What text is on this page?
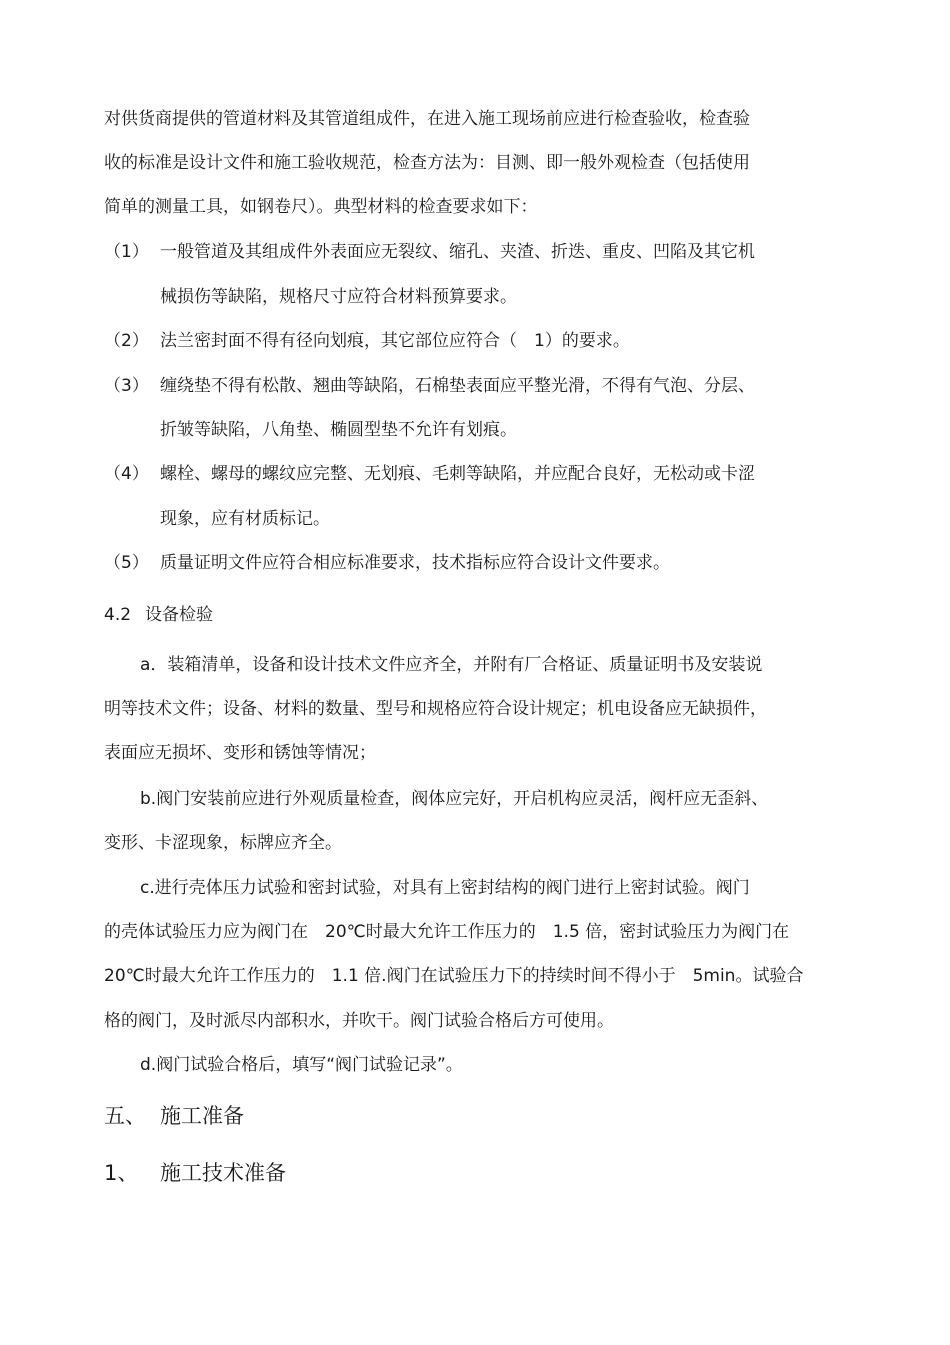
对供货商提供的管道材料及其管道组成件，在进入施工现场前应进行检查验收，检查验
收的标准是设计文件和施工验收规范，检查方法为：目测、即一般外观检查（包括使用
简单的测量工具，如钢卷尺）。典型材料的检查要求如下：
（1） 一般管道及其组成件外表面应无裂纹、缩孔、夹渣、折迭、重皮、凹陷及其它机
械损伤等缺陷，规格尺寸应符合材料预算要求。
（2） 法兰密封面不得有径向划痕，其它部位应符合（　1）的要求。
（3） 缠绕垫不得有松散、翘曲等缺陷，石棉垫表面应平整光滑，不得有气泡、分层、
折皱等缺陷，八角垫、椭圆型垫不允许有划痕。
（4） 螺栓、螺母的螺纹应完整、无划痕、毛刺等缺陷，并应配合良好，无松动或卡涩
现象，应有材质标记。
（5） 质量证明文件应符合相应标准要求，技术指标应符合设计文件要求。
4.2 设备检验
a．装箱清单，设备和设计技术文件应齐全，并附有厂合格证、质量证明书及安装说
明等技术文件；设备、材料的数量、型号和规格应符合设计规定；机电设备应无缺损件，
表面应无损坏、变形和锈蚀等情况；
b.阀门安装前应进行外观质量检查，阀体应完好，开启机构应灵活，阀杆应无歪斜、
变形、卡涩现象，标牌应齐全。
c.进行壳体压力试验和密封试验，对具有上密封结构的阀门进行上密封试验。阀门
的壳体试验压力应为阀门在　20℃时最大允许工作压力的　1.5 倍，密封试验压力为阀门在
20℃时最大允许工作压力的　1.1 倍.阀门在试验压力下的持续时间不得小于　5min。试验合
格的阀门，及时派尽内部积水，并吹干。阀门试验合格后方可使用。
d.阀门试验合格后，填写“阀门试验记录”。
五、 施工准备
1、 施工技术准备
